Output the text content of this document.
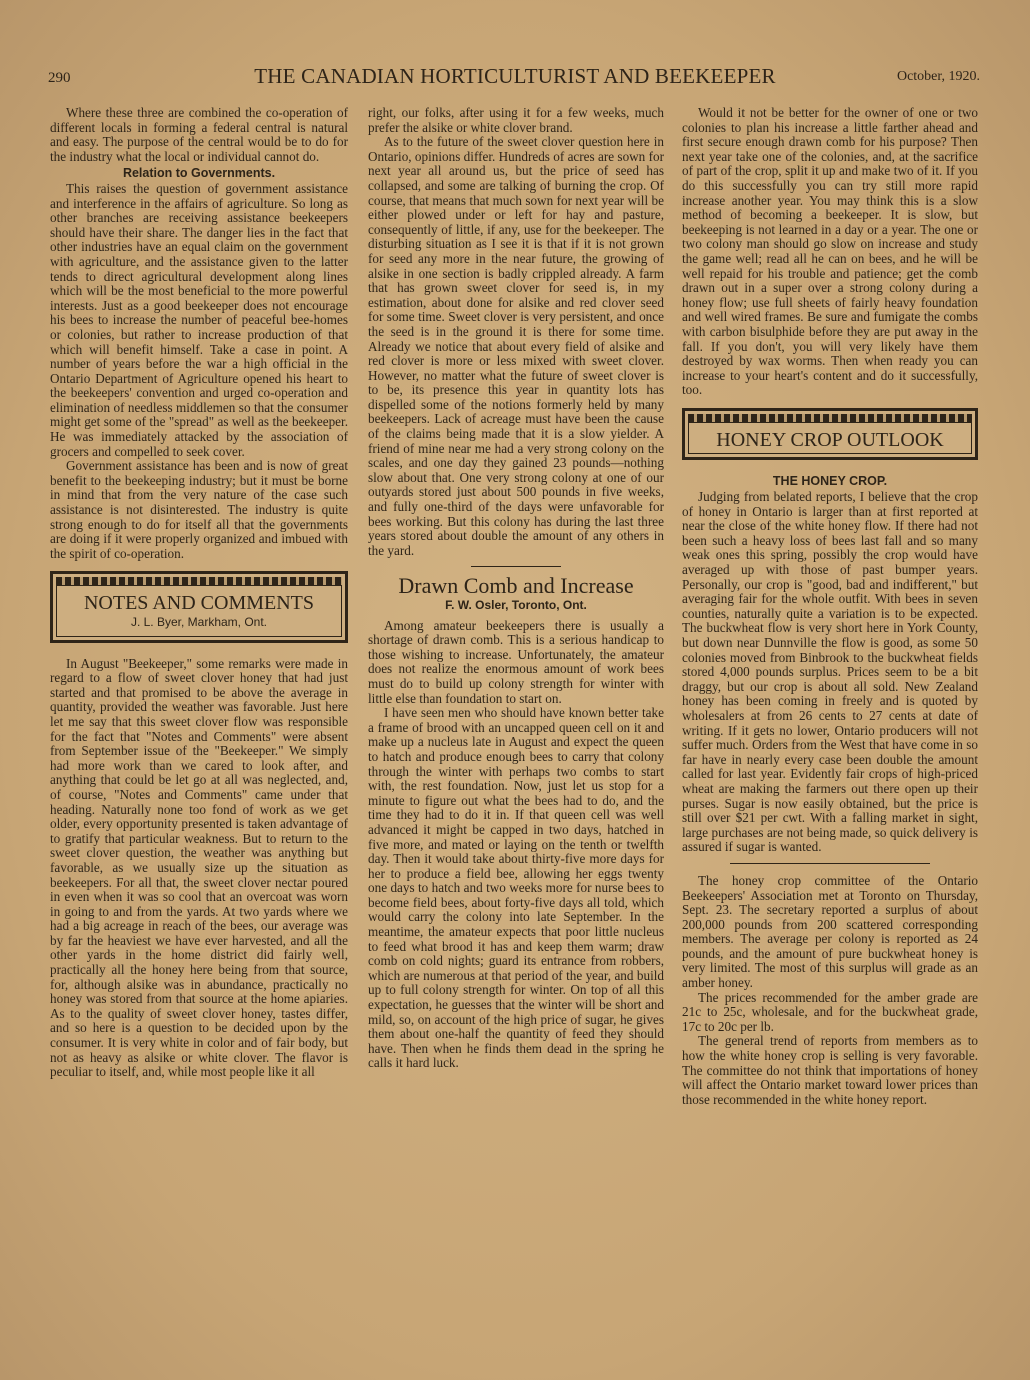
290	THE CANADIAN HORTICULTURIST AND BEEKEEPER	October, 1920.

Where these three are combined the co-operation of different locals in forming a federal central is natural and easy. The purpose of the central would be to do for the industry what the local or individual cannot do.

Relation to Governments.

This raises the question of government assistance and interference in the affairs of agriculture. So long as other branches are receiving assistance beekeepers should have their share. The danger lies in the fact that other industries have an equal claim on the government with agriculture, and the assistance given to the latter tends to direct agricultural development along lines which will be the most beneficial to the more powerful interests. Just as a good beekeeper does not encourage his bees to increase the number of peaceful bee-homes or colonies, but rather to increase production of that which will benefit himself. Take a case in point. A number of years before the war a high official in the Ontario Department of Agriculture opened his heart to the beekeepers' convention and urged co-operation and elimination of needless middlemen so that the consumer might get some of the "spread" as well as the beekeeper. He was immediately attacked by the association of grocers and compelled to seek cover.

Government assistance has been and is now of great benefit to the beekeeping industry; but it must be borne in mind that from the very nature of the case such assistance is not disinterested. The industry is quite strong enough to do for itself all that the governments are doing if it were properly organized and imbued with the spirit of co-operation.

NOTES AND COMMENTS
J. L. Byer, Markham, Ont.

In August "Beekeeper," some remarks were made in regard to a flow of sweet clover honey that had just started and that promised to be above the average in quantity, provided the weather was favorable. Just here let me say that this sweet clover flow was responsible for the fact that "Notes and Comments" were absent from September issue of the "Beekeeper." We simply had more work than we cared to look after, and anything that could be let go at all was neglected, and, of course, "Notes and Comments" came under that heading. Naturally none too fond of work as we get older, every opportunity presented is taken advantage of to gratify that particular weakness. But to return to the sweet clover question, the weather was anything but favorable, as we usually size up the situation as beekeepers. For all that, the sweet clover nectar poured in even when it was so cool that an overcoat was worn in going to and from the yards. At two yards where we had a big acreage in reach of the bees, our average was by far the heaviest we have ever harvested, and all the other yards in the home district did fairly well, practically all the honey here being from that source, for, although alsike was in abundance, practically no honey was stored from that source at the home apiaries. As to the quality of sweet clover honey, tastes differ, and so here is a question to be decided upon by the consumer. It is very white in color and of fair body, but not as heavy as alsike or white clover. The flavor is peculiar to itself, and, while most people like it all

right, our folks, after using it for a few weeks, much prefer the alsike or white clover brand.

As to the future of the sweet clover question here in Ontario, opinions differ. Hundreds of acres are sown for next year all around us, but the price of seed has collapsed, and some are talking of burning the crop. Of course, that means that much sown for next year will be either plowed under or left for hay and pasture, consequently of little, if any, use for the beekeeper. The disturbing situation as I see it is that if it is not grown for seed any more in the near future, the growing of alsike in one section is badly crippled already. A farm that has grown sweet clover for seed is, in my estimation, about done for alsike and red clover seed for some time. Sweet clover is very persistent, and once the seed is in the ground it is there for some time. Already we notice that about every field of alsike and red clover is more or less mixed with sweet clover. However, no matter what the future of sweet clover is to be, its presence this year in quantity lots has dispelled some of the notions formerly held by many beekeepers. Lack of acreage must have been the cause of the claims being made that it is a slow yielder. A friend of mine near me had a very strong colony on the scales, and one day they gained 23 pounds—nothing slow about that. One very strong colony at one of our outyards stored just about 500 pounds in five weeks, and fully one-third of the days were unfavorable for bees working. But this colony has during the last three years stored about double the amount of any others in the yard.

Drawn Comb and Increase
F. W. Osler, Toronto, Ont.

Among amateur beekeepers there is usually a shortage of drawn comb. This is a serious handicap to those wishing to increase. Unfortunately, the amateur does not realize the enormous amount of work bees must do to build up colony strength for winter with little else than foundation to start on.

I have seen men who should have known better take a frame of brood with an uncapped queen cell on it and make up a nucleus late in August and expect the queen to hatch and produce enough bees to carry that colony through the winter with perhaps two combs to start with, the rest foundation. Now, just let us stop for a minute to figure out what the bees had to do, and the time they had to do it in. If that queen cell was well advanced it might be capped in two days, hatched in five more, and mated or laying on the tenth or twelfth day. Then it would take about thirty-five more days for her to produce a field bee, allowing her eggs twenty one days to hatch and two weeks more for nurse bees to become field bees, about forty-five days all told, which would carry the colony into late September. In the meantime, the amateur expects that poor little nucleus to feed what brood it has and keep them warm; draw comb on cold nights; guard its entrance from robbers, which are numerous at that period of the year, and build up to full colony strength for winter. On top of all this expectation, he guesses that the winter will be short and mild, so, on account of the high price of sugar, he gives them about one-half the quantity of feed they should have. Then when he finds them dead in the spring he calls it hard luck.

Would it not be better for the owner of one or two colonies to plan his increase a little farther ahead and first secure enough drawn comb for his purpose? Then next year take one of the colonies, and, at the sacrifice of part of the crop, split it up and make two of it. If you do this successfully you can try still more rapid increase another year. You may think this is a slow method of becoming a beekeeper. It is slow, but beekeeping is not learned in a day or a year. The one or two colony man should go slow on increase and study the game well; read all he can on bees, and he will be well repaid for his trouble and patience; get the comb drawn out in a super over a strong colony during a honey flow; use full sheets of fairly heavy foundation and well wired frames. Be sure and fumigate the combs with carbon bisulphide before they are put away in the fall. If you don't, you will very likely have them destroyed by wax worms. Then when ready you can increase to your heart's content and do it successfully, too.

HONEY CROP OUTLOOK
THE HONEY CROP.

Judging from belated reports, I believe that the crop of honey in Ontario is larger than at first reported at near the close of the white honey flow. If there had not been such a heavy loss of bees last fall and so many weak ones this spring, possibly the crop would have averaged up with those of past bumper years. Personally, our crop is "good, bad and indifferent," but averaging fair for the whole outfit. With bees in seven counties, naturally quite a variation is to be expected. The buckwheat flow is very short here in York County, but down near Dunnville the flow is good, as some 50 colonies moved from Binbrook to the buckwheat fields stored 4,000 pounds surplus. Prices seem to be a bit draggy, but our crop is about all sold. New Zealand honey has been coming in freely and is quoted by wholesalers at from 26 cents to 27 cents at date of writing. If it gets no lower, Ontario producers will not suffer much. Orders from the West that have come in so far have in nearly every case been double the amount called for last year. Evidently fair crops of high-priced wheat are making the farmers out there open up their purses. Sugar is now easily obtained, but the price is still over $21 per cwt. With a falling market in sight, large purchases are not being made, so quick delivery is assured if sugar is wanted.

The honey crop committee of the Ontario Beekeepers' Association met at Toronto on Thursday, Sept. 23. The secretary reported a surplus of about 200,000 pounds from 200 scattered corresponding members. The average per colony is reported as 24 pounds, and the amount of pure buckwheat honey is very limited. The most of this surplus will grade as an amber honey.

The prices recommended for the amber grade are 21c to 25c, wholesale, and for the buckwheat grade, 17c to 20c per lb.

The general trend of reports from members as to how the white honey crop is selling is very favorable. The committee do not think that importations of honey will affect the Ontario market toward lower prices than those recommended in the white honey report.
